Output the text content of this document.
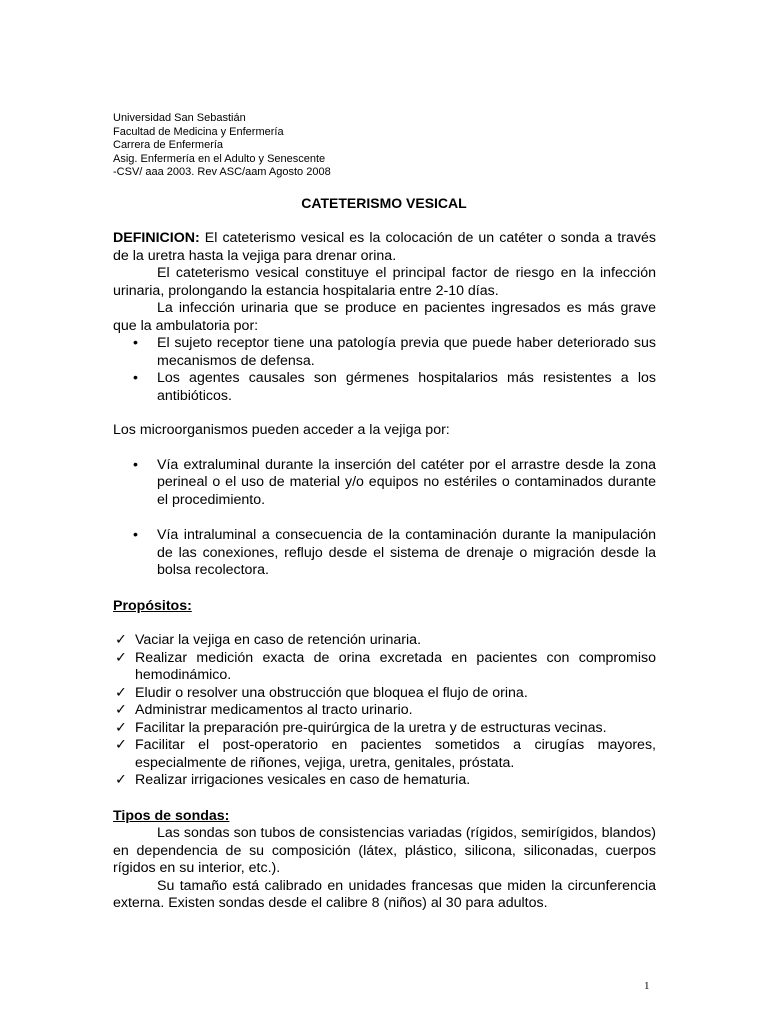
Universidad San Sebastián
Facultad de Medicina y Enfermería
Carrera de Enfermería
Asig. Enfermería en el Adulto y Senescente
-CSV/ aaa 2003. Rev ASC/aam Agosto 2008
CATETERISMO VESICAL

DEFINICION: El cateterismo vesical es la colocación de un catéter o sonda a través de la uretra hasta la vejiga para drenar orina.

El cateterismo vesical constituye el principal factor de riesgo en la infección urinaria, prolongando la estancia hospitalaria entre 2-10 días.

La infección urinaria que se produce en pacientes ingresados es más grave que la ambulatoria por:

• El sujeto receptor tiene una patología previa que puede haber deteriorado sus mecanismos de defensa.
• Los agentes causales son gérmenes hospitalarios más resistentes a los antibióticos.

Los microorganismos pueden acceder a la vejiga por:

• Vía extraluminal durante la inserción del catéter por el arrastre desde la zona perineal o el uso de material y/o equipos no estériles o contaminados durante el procedimiento.
• Vía intraluminal a consecuencia de la contaminación durante la manipulación de las conexiones, reflujo desde el sistema de drenaje o migración desde la bolsa recolectora.

Propósitos:

✓ Vaciar la vejiga en caso de retención urinaria.
✓ Realizar medición exacta de orina excretada en pacientes con compromiso hemodinámico.
✓ Eludir o resolver una obstrucción que bloquea el flujo de orina.
✓ Administrar medicamentos al tracto urinario.
✓ Facilitar la preparación pre-quirúrgica de la uretra y de estructuras vecinas.
✓ Facilitar el post-operatorio en pacientes sometidos a cirugías mayores, especialmente de riñones, vejiga, uretra, genitales, próstata.
✓ Realizar irrigaciones vesicales en caso de hematuria.

Tipos de sondas:

Las sondas son tubos de consistencias variadas (rígidos, semirígidos, blandos) en dependencia de su composición (látex, plástico, silicona, siliconadas, cuerpos rígidos en su interior, etc.).

Su tamaño está calibrado en unidades francesas que miden la circunferencia externa. Existen sondas desde el calibre 8 (niños) al 30 para adultos.

1
